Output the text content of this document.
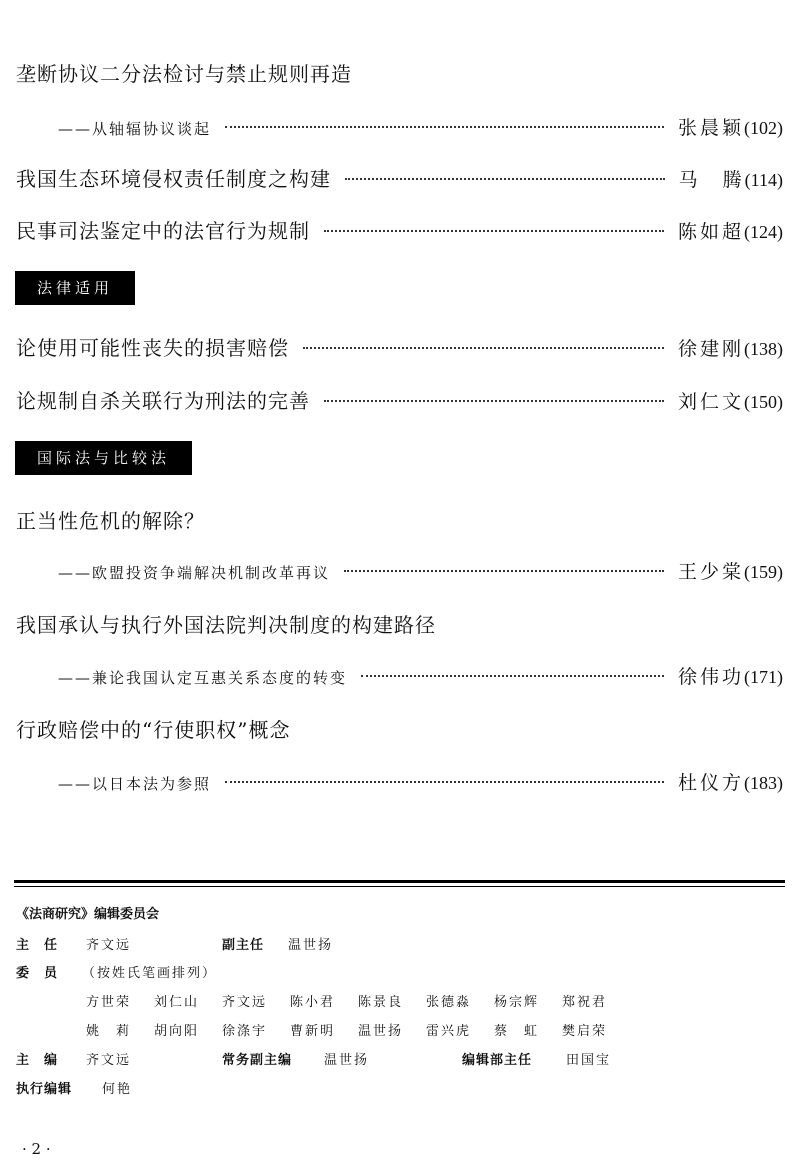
垄断协议二分法检讨与禁止规则再造
——从轴辐协议谈起	张晨颖 (102)
我国生态环境侵权责任制度之构建	马　腾 (114)
民事司法鉴定中的法官行为规制	陈如超 (124)
法律适用
论使用可能性丧失的损害赔偿	徐建刚 (138)
论规制自杀关联行为刑法的完善	刘仁文 (150)
国际法与比较法
正当性危机的解除？
——欧盟投资争端解决机制改革再议	王少棠 (159)
我国承认与执行外国法院判决制度的构建路径
——兼论我国认定互惠关系态度的转变	徐伟功 (171)
行政赔偿中的“行使职权”概念
——以日本法为参照	杜仪方 (183)
《法商研究》编辑委员会
主　任 齐文远	副主任 温世扬
委　员 （按姓氏笔画排列）
方世荣 刘仁山 齐文远 陈小君 陈景良 张德淼 杨宗辉 郑祝君
姚　莉 胡向阳 徐涤宇 曹新明 温世扬 雷兴虎 蔡　虹 樊启荣
主　编 齐文远	常务副主编 温世扬	编辑部主任	田国宝
执行编辑 何艳
· 2 ·
